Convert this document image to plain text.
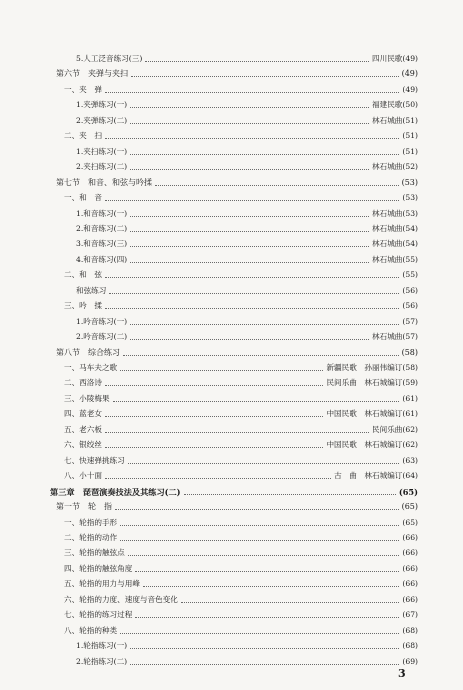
5.人工泛音练习(三)	四川民歌 (49)
第六节　夹弹与夹扫	(49)
一、夹　弹	(49)
1.夹弹练习(一)	福建民歌 (50)
2.夹弹练习(二)	林石城曲 (51)
二、夹　扫	(51)
1.夹扫练习(一)	(51)
2.夹扫练习(二)	林石城曲 (52)
第七节　和音、和弦与吟揉	(53)
一、和　音	(53)
1.和音练习(一)	林石城曲 (53)
2.和音练习(二)	林石城曲 (54)
3.和音练习(三)	林石城曲 (54)
4.和音练习(四)	林石城曲 (55)
二、和　弦	(55)
和弦练习	(56)
三、吟　揉	(56)
1.吟音练习(一)	(57)
2.吟音练习(二)	林石城曲 (57)
第八节　综合练习	(58)
一、马车夫之歌	新疆民歌　孙丽伟编订 (58)
二、西洛诗	民间乐曲　林石城编订 (59)
三、小陵梅果	(61)
四、蓝老女	中国民歌　林石城编订 (61)
五、老六板	民间乐曲 (62)
六、银绞丝	中国民歌　林石城编订 (62)
七、快速弹挑练习	(63)
八、小十面	古　曲　林石城编订 (64)
第三章　琵琶演奏技法及其练习(二)	(65)
第一节　轮　指	(65)
一、轮指的手形	(65)
二、轮指的动作	(66)
三、轮指的触弦点	(66)
四、轮指的触弦角度	(66)
五、轮指的用力与用峰	(66)
六、轮指的力度、速度与音色变化	(66)
七、轮指的练习过程	(67)
八、轮指的种类	(68)
1.轮指练习(一)	(68)
2.轮指练习(二)	(69)
3
